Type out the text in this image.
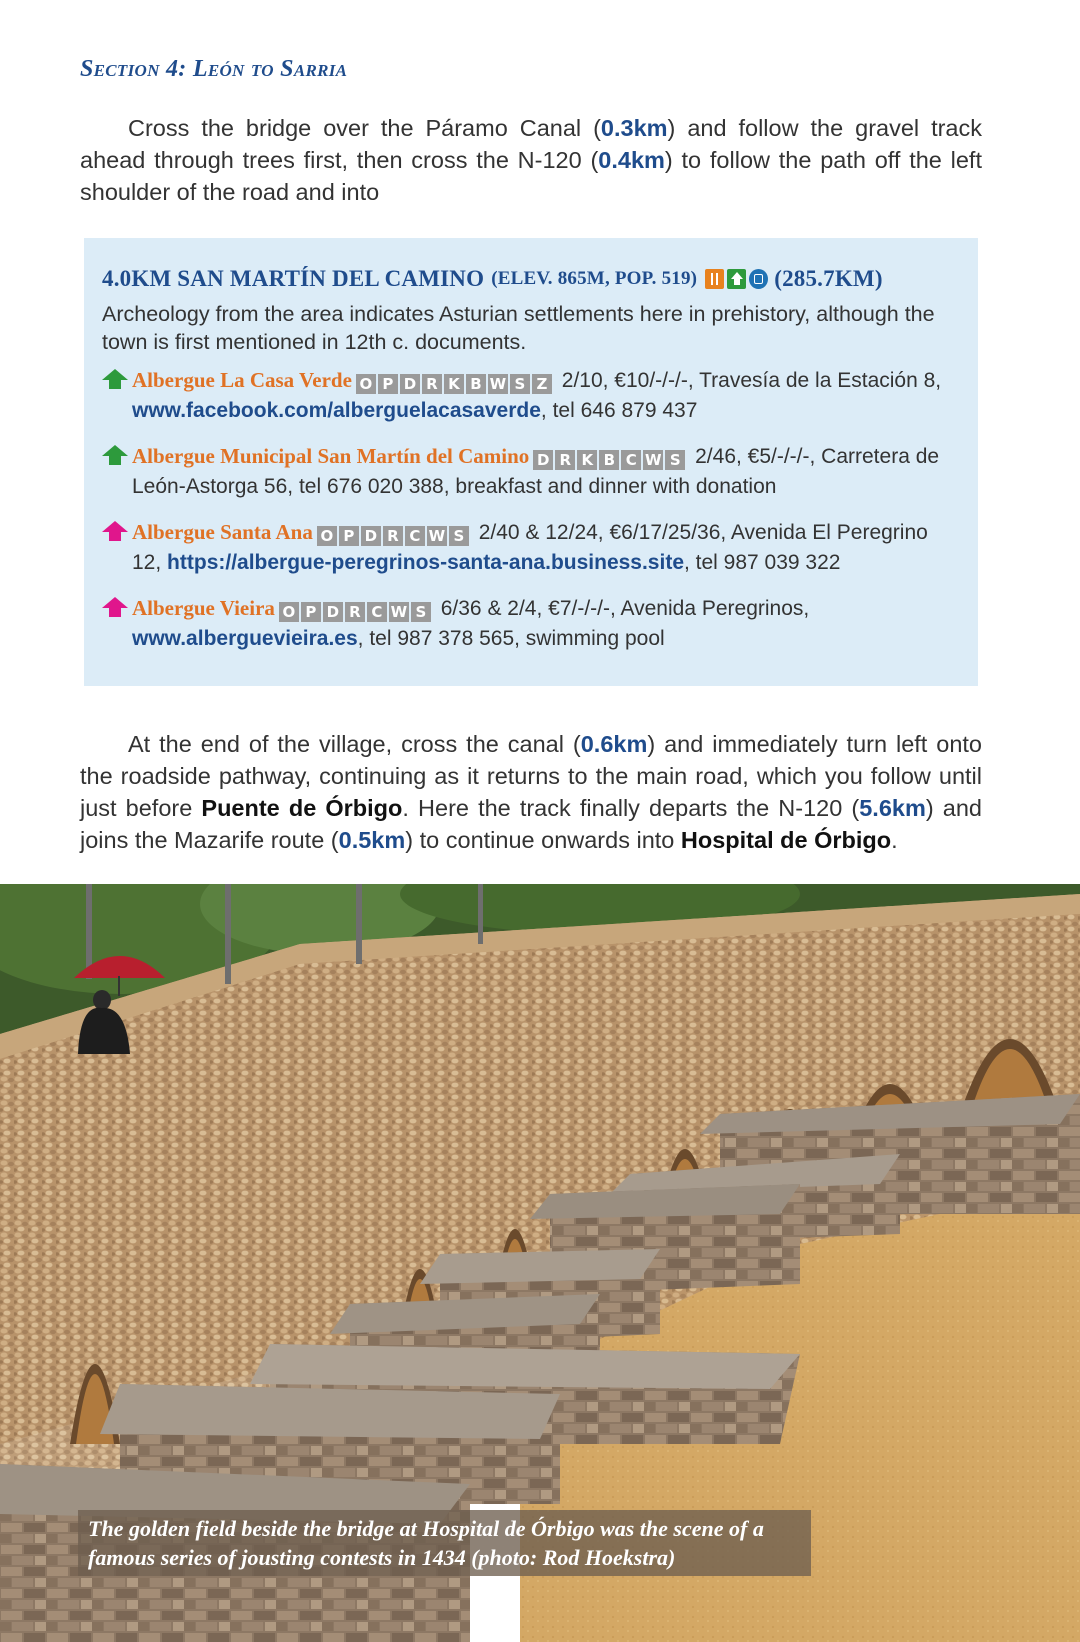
Section 4: León to Sarria
Cross the bridge over the Páramo Canal (0.3km) and follow the gravel track ahead through trees first, then cross the N-120 (0.4km) to follow the path off the left shoulder of the road and into
4.0KM SAN MARTÍN DEL CAMINO (ELEV. 865M, POP. 519)	(285.7KM)
Archeology from the area indicates Asturian settlements here in prehistory, although the town is first mentioned in 12th c. documents.
Albergue La Casa Verde O P D R K B W S Z 2/10, €10/-/-/-, Travesía de la Estación 8, www.facebook.com/alberguelacasaverde, tel 646 879 437
Albergue Municipal San Martín del Camino D R K B C W S 2/46, €5/-/-/-, Carretera de León-Astorga 56, tel 676 020 388, breakfast and dinner with donation
Albergue Santa Ana O P D R C W S 2/40 & 12/24, €6/17/25/36, Avenida El Peregrino 12, https://albergue-peregrinos-santa-ana.business.site, tel 987 039 322
Albergue Vieira O P D R C W S 6/36 & 2/4, €7/-/-/-, Avenida Peregrinos, www.alberguevieira.es, tel 987 378 565, swimming pool
At the end of the village, cross the canal (0.6km) and immediately turn left onto the roadside pathway, continuing as it returns to the main road, which you follow until just before Puente de Órbigo. Here the track finally departs the N-120 (5.6km) and joins the Mazarife route (0.5km) to continue onwards into Hospital de Órbigo.
The golden field beside the bridge at Hospital de Órbigo was the scene of a famous series of jousting contests in 1434 (photo: Rod Hoekstra)
